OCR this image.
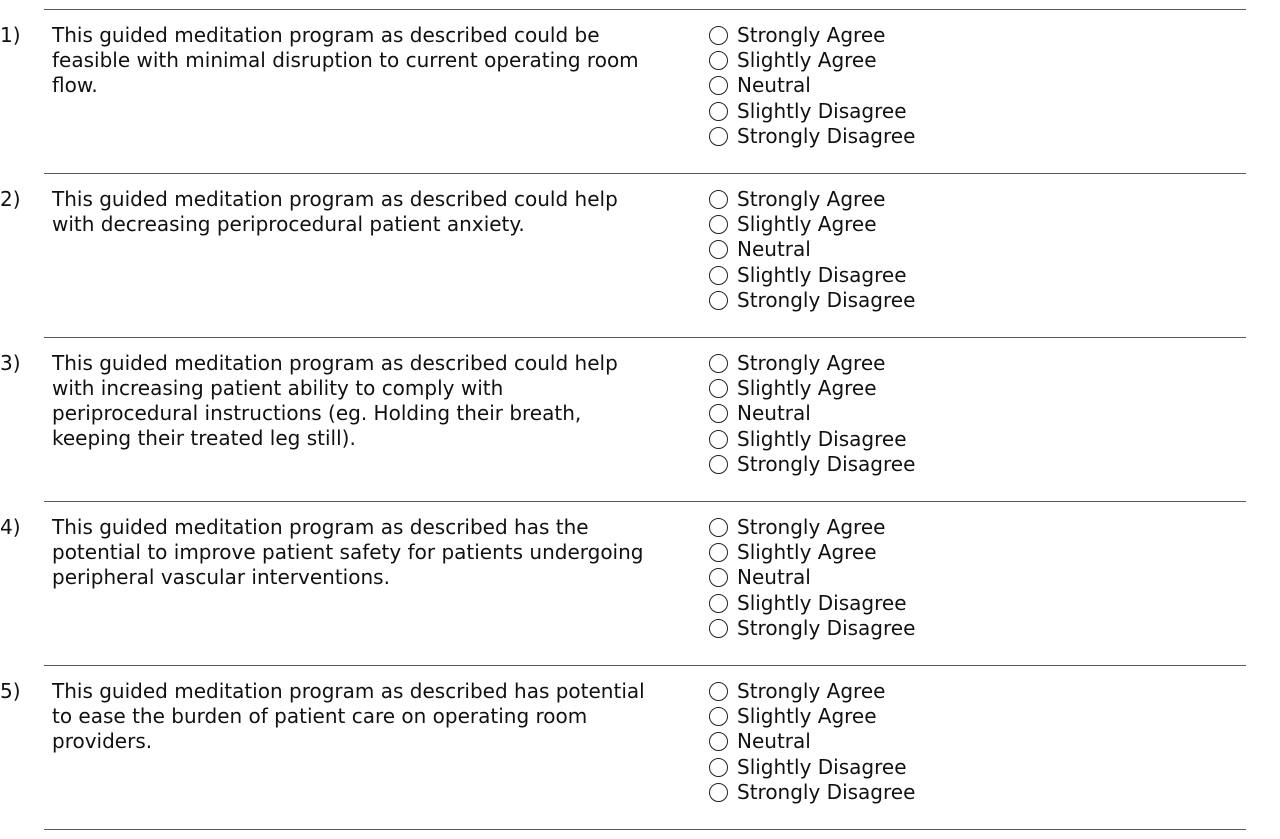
1) This guided meditation program as described could be feasible with minimal disruption to current operating room flow.
Strongly Agree
Slightly Agree
Neutral
Slightly Disagree
Strongly Disagree
2) This guided meditation program as described could help with decreasing periprocedural patient anxiety.
Strongly Agree
Slightly Agree
Neutral
Slightly Disagree
Strongly Disagree
3) This guided meditation program as described could help with increasing patient ability to comply with periprocedural instructions (eg. Holding their breath, keeping their treated leg still).
Strongly Agree
Slightly Agree
Neutral
Slightly Disagree
Strongly Disagree
4) This guided meditation program as described has the potential to improve patient safety for patients undergoing peripheral vascular interventions.
Strongly Agree
Slightly Agree
Neutral
Slightly Disagree
Strongly Disagree
5) This guided meditation program as described has potential to ease the burden of patient care on operating room providers.
Strongly Agree
Slightly Agree
Neutral
Slightly Disagree
Strongly Disagree
